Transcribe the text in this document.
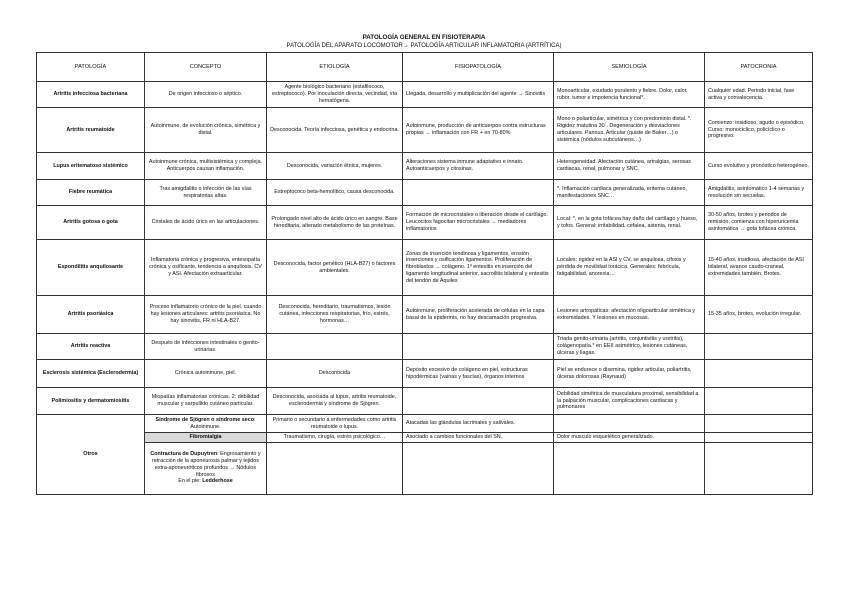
PATOLOGÍA GENERAL EN FISIOTERAPIA
PATOLOGÍA DEL APARATO LOCOMOTOR→ PATOLOGÍA ARTICULAR INFLAMATORIA (ARTRÍTICA)
PATOLOGÍA	CONCEPTO	ETIOLOGÍA	FISIOPATOLOGÍA	SEMIOLOGÍA	PATOCRONIA
Artritis infecciosa bacteriana	De origen infeccioso o séptico.	Agente biológico bacteriano (estafilococo, estreptococo). Por inoculación directa, vecindad, vía hematógena.	Llegada, desarrollo y multiplicación del agente → Sinovitis	Monoarticular, exudado purulento y fiebre. Dolor, calor, rubor, tumor e impotencia funcional*.	Cualquier edad. Periodo inicial, fase activa y convalecencia.
Artritis reumatoide	Autoinmune, de evolución crónica, simétrica y distal.	Desconocida. Teoría infecciosa, genética y endocrina.	Autoinmune, producción de anticuerpos contra estructuras propias → inflamación con FR + en 70-80%	Mono o poliarticular, simétrica y con predominio distal. *. Rigidez matutina 30´. Degeneración y desviaciones articulares. Pannus. Articular (quiste de Baker…) o sistémica (nódulos subcutáneos…)	Comienzo: insidioso, agudo o episódico. Curso: monocíclico, policíclico o progresivo.
Lupus eritematoso sistémico	Autoinmune crónica, multisistémica y compleja. Anticuerpos causan inflamación.	Desconocida, variación étnica, mujeres.	Alteraciones sistema inmune adaptativo e innato. Autoanticuerpos y citosinas.	Heterogeneidad. Afectación cutánea, artralgias, serosas cardiacas, renal, pulmonar y SNC.	Curso evolutivo y pronóstico heterogéneo.
Fiebre reumática	Tras amigdalitis o infección de las vías respiratorias altas.	Estreptococo beta-hemolítico, causa desconocida.		*. Inflamación cardiaca generalizada, eritema cutáneo, manifestaciones SNC…	Amigdalitis, asintomático 1-4 semanas y resolución sin secuelas.
Artritis gotosa o gota	Cristales de ácido úrico en las articulaciones.	Prolongado nivel alto de ácido úrico en sangre. Base hereditaria, alterado metabolismo de las proteínas.	Formación de microcristales o liberación desde el cartílago. Leucocitos fagocitan microcristales → mediadores inflamatorios	Local: *, en la gota tofácea hay daño del cartílago y hueso, y tofos. General: irritabilidad, cefalea, astenia, renal.	30-50 años, brotes y periodos de remisión, comienza con hiperuricemia asintomática → gota tofácea crónica.
Espondilitis anquilosante	Inflamatoria crónica y progresiva, entesopatía crónica y osificante, tendencia a anquilosis. CV y ASI. Afectación extraarticular.	Desconocida, factor genético (HLA-B27) o factores ambientales.	Zonas de inserción tendinosa y ligamentos, erosión inserciones y osificación ligamentos. Proliferación de fibroblastos → colágeno. 1º entesitis en inserción del ligamento longitudinal anterior, sacroilitis bilateral y entesitis del tendón de Aquiles	Locales: rigidez en la ASI y CV, se anquilosa, cifosis y pérdida de movilidad torácica. Generales: febrícula, fatigabilidad, anorexia…	15-40 años, insidiosa, afectación de ASI bilateral, avance caudo-craneal, extremidades también. Brotes.
Artritis psoriásica	Proceso inflamatorio crónico de la piel, cuando hay lesiones articulares: artritis psoriásica. No hay sinovitis, FR ni HLA-B27.	Desconocida, hereditario, traumatismos, lesión cutánea, infecciones respiratorias, frío, estrés, hormonas…	Autoinmune, proliferación acelerada de células en la capa basal de la epidermis, no hay descamación progresiva.	Lesiones artropáticas: afectación oligoarticular simétrica y extremidades. Y lesiones en mucosas.	15-35 años, brotes, evolución irregular.
Artritis reactiva	Después de infecciones intestinales o genito-urinarias.			Triada genito-urinaria (artritis, conjuntivitis y uretritis), colágenopatía.* en EEII asimétrico, lesiones cutáneas, úlceras y llagas.	
Esclerosis sistémica (Esclerodermia)	Crónica autoinmune, piel.	Desconocida	Depósito excesivo de colágeno en piel, estructuras hipodérmicas (vainas y fascias), órganos internos	Piel se endurece o disemina, rigidez articular, poliartritis, úlceras dolorosas (Raynaud)	
Polimiositis y dermatomiositis	Miopatías inflamatorias crónicas. 2: debilidad muscular y sarpullido cutáneo particular.	Desconocida, asociada al lupus, artritis reumatoide, esclerodermia y síndrome de Sjögren.		Debilidad simétrica de musculatura proximal, sensibilidad a la palpación muscular, complicaciones cardiacas y pulmonares	
Otros	Síndrome de Sjögren o síndrome seco: Autoinmune.	Primario o secundario a enfermedades como artritis reumatoide o lupus.	Atacadas las glándulas lacrimales y salivales.		
	Fibromialgia	Traumatismo, cirugía, estrés psicológico…	Asociado a cambios funcionales del SN.	Dolor musculo esquelético generalizado.	
	Contractura de Dupuytren: Engrosamiento y retracción de la aponeurosis palmar y tejidos extra-aponeuróticos profundos → Nódulos fibrosos
En el pie: Ledderhose				
